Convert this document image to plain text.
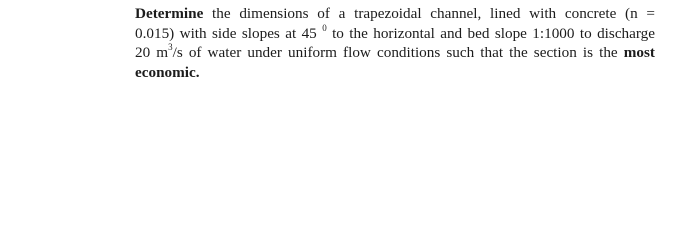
Determine the dimensions of a trapezoidal channel, lined with concrete (n =
0.015) with side slopes at 45 $^0$ to the horizontal and bed slope 1:1000 to discharge
20 $m^3/s$ of water under uniform flow conditions such that the section is the most
economic.
